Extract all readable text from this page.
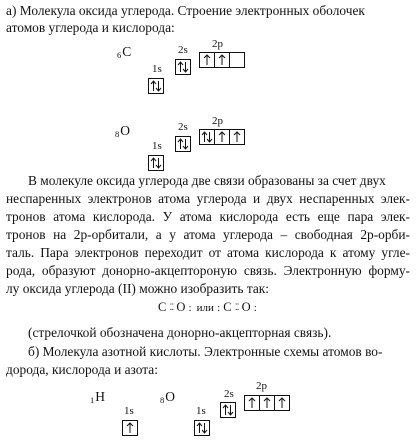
а) Молекула оксида углерода. Строение электронных оболочек
атомов углерода и кислорода:
$_6$C
1s
2s 2p
$_8$O
1s
2s 2p
В молекуле оксида углерода две связи образованы за счет двух
неспаренных электронов атома углерода и двух неспаренных элек-
тронов атома кислорода. У атома кислорода есть еще пара элек-
тронов на 2р-орбитали, а у атома углерода – свободная 2р-орби-
таль. Пара электронов переходит от атома кислорода к атому угле-
рода, образуют донорно-акцептороную связь. Электронную форму-
лу оксида углерода (II) можно изобразить так:
C ⁚⁚ O : или : C ⁚⁚ O :
(стрелочкой обозначена донорно-акцепторная связь).
б) Молекула азотной кислоты. Электронные схемы атомов во-
дорода, кислорода и азота:
$_1$H
1s
$_8$O
1s
2s
2p
